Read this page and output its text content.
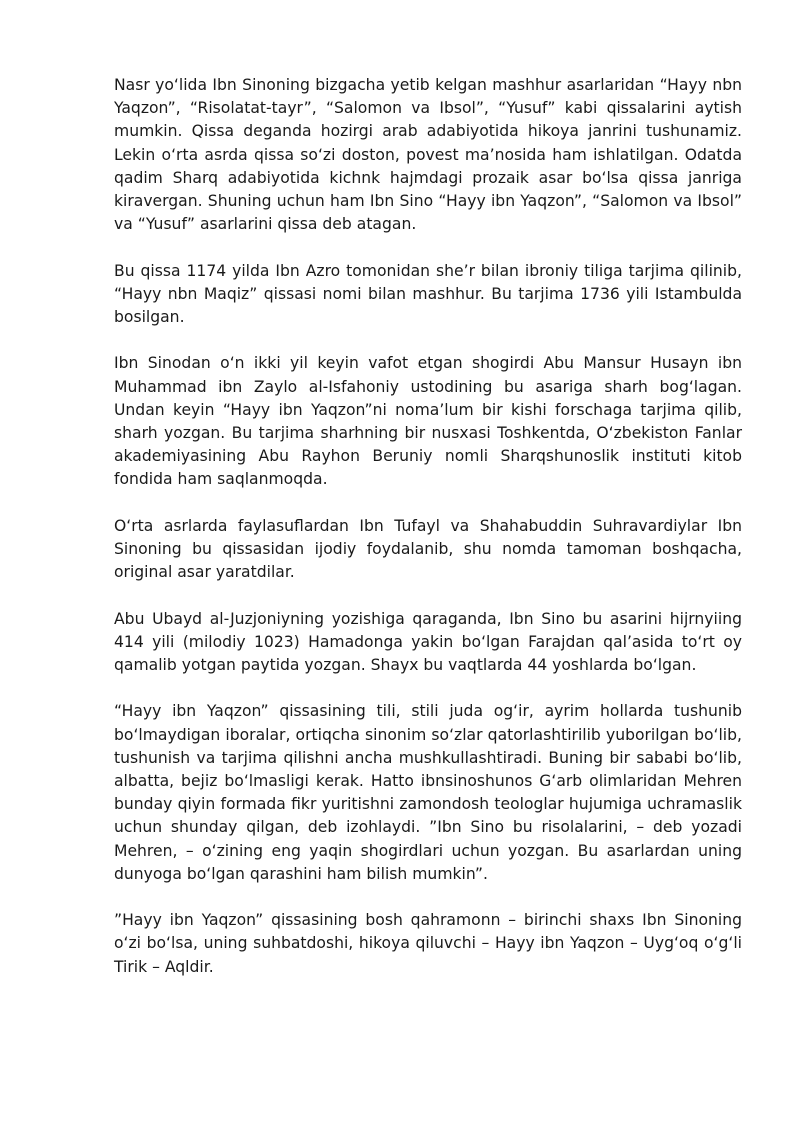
Nasr yo‘lida Ibn Sinoning bizgacha yetib kelgan mashhur asarlaridan “Hayy nbn Yaqzon”, “Risolatat-tayr”, “Salomon va Ibsol”, “Yusuf” kabi qissalarini aytish mumkin. Qissa deganda hozirgi arab adabiyotida hikoya janrini tushunamiz. Lekin o‘rta asrda qissa so‘zi doston, povest ma’nosida ham ishlatilgan. Odatda qadim Sharq adabiyotida kichnk hajmdagi prozaik asar bo‘lsa qissa janriga kiravergan. Shuning uchun ham Ibn Sino “Hayy ibn Yaqzon”, “Salomon va Ibsol” va “Yusuf” asarlarini qissa deb atagan.

Bu qissa 1174 yilda Ibn Azro tomonidan she’r bilan ibroniy tiliga tarjima qilinib, “Hayy nbn Maqiz” qissasi nomi bilan mashhur. Bu tarjima 1736 yili Istambulda bosilgan.

Ibn Sinodan o‘n ikki yil keyin vafot etgan shogirdi Abu Mansur Husayn ibn Muhammad ibn Zaylo al-Isfahoniy ustodining bu asariga sharh bog‘lagan. Undan keyin “Hayy ibn Yaqzon”ni noma’lum bir kishi forschaga tarjima qilib, sharh yozgan. Bu tarjima sharhning bir nusxasi Toshkentda, O‘zbekiston Fanlar akademiyasining Abu Rayhon Beruniy nomli Sharqshunoslik instituti kitob fondida ham saqlanmoqda.

O‘rta asrlarda faylasuflardan Ibn Tufayl va Shahabuddin Suhravardiylar Ibn Sinoning bu qissasidan ijodiy foydalanib, shu nomda tamoman boshqacha, original asar yaratdilar.

Abu Ubayd al-Juzjoniyning yozishiga qaraganda, Ibn Sino bu asarini hijrnyiing 414 yili (milodiy 1023) Hamadonga yakin bo‘lgan Farajdan qal’asida to‘rt oy qamalib yotgan paytida yozgan. Shayx bu vaqtlarda 44 yoshlarda bo‘lgan.

“Hayy ibn Yaqzon” qissasining tili, stili juda og‘ir, ayrim hollarda tushunib bo‘lmaydigan iboralar, ortiqcha sinonim so‘zlar qatorlashtirilib yuborilgan bo‘lib, tushunish va tarjima qilishni ancha mushkullashtiradi. Buning bir sababi bo‘lib, albatta, bejiz bo‘lmasligi kerak. Hatto ibnsinoshunos G‘arb olimlaridan Mehren bunday qiyin formada fikr yuritishni zamondosh teologlar hujumiga uchramaslik uchun shunday qilgan, deb izohlaydi. ”Ibn Sino bu risolalarini, – deb yozadi Mehren, – o‘zining eng yaqin shogirdlari uchun yozgan. Bu asarlardan uning dunyoga bo‘lgan qarashini ham bilish mumkin”.

”Hayy ibn Yaqzon” qissasining bosh qahramonn – birinchi shaxs Ibn Sinoning o‘zi bo‘lsa, uning suhbatdoshi, hikoya qiluvchi – Hayy ibn Yaqzon – Uyg‘oq o‘g‘li Tirik – Aqldir.
